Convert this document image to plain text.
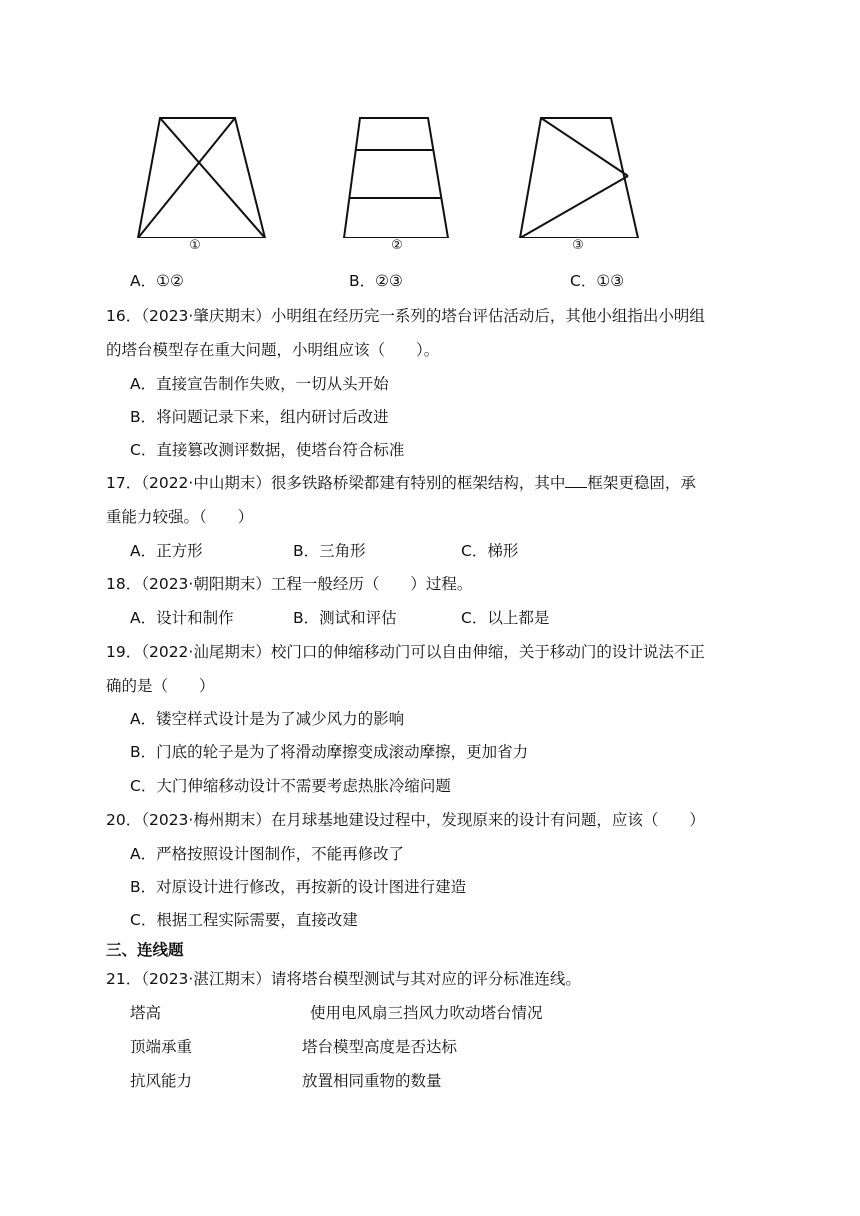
①	②	③
A．①②	B．②③	C．①③
16．（2023·肇庆期末）小明组在经历完一系列的塔台评估活动后，其他小组指出小明组
的塔台模型存在重大问题，小明组应该（　　）。
A．直接宣告制作失败，一切从头开始
B．将问题记录下来，组内研讨后改进
C．直接篡改测评数据，使塔台符合标准
17．（2022·中山期末）很多铁路桥梁都建有特别的框架结构，其中 框架更稳固，承
重能力较强。（　　）
A．正方形	B．三角形	C．梯形
18．（2023·朝阳期末）工程一般经历（　　）过程。
A．设计和制作	B．测试和评估	C．以上都是
19．（2022·汕尾期末）校门口的伸缩移动门可以自由伸缩，关于移动门的设计说法不正
确的是（　　）
A．镂空样式设计是为了减少风力的影响
B．门底的轮子是为了将滑动摩擦变成滚动摩擦，更加省力
C．大门伸缩移动设计不需要考虑热胀冷缩问题
20．（2023·梅州期末）在月球基地建设过程中，发现原来的设计有问题，应该（　　）
A．严格按照设计图制作，不能再修改了
B．对原设计进行修改，再按新的设计图进行建造
C．根据工程实际需要，直接改建
三、连线题
21．（2023·湛江期末）请将塔台模型测试与其对应的评分标准连线。
塔高
顶端承重
抗风能力
使用电风扇三挡风力吹动塔台情况
塔台模型高度是否达标
放置相同重物的数量
